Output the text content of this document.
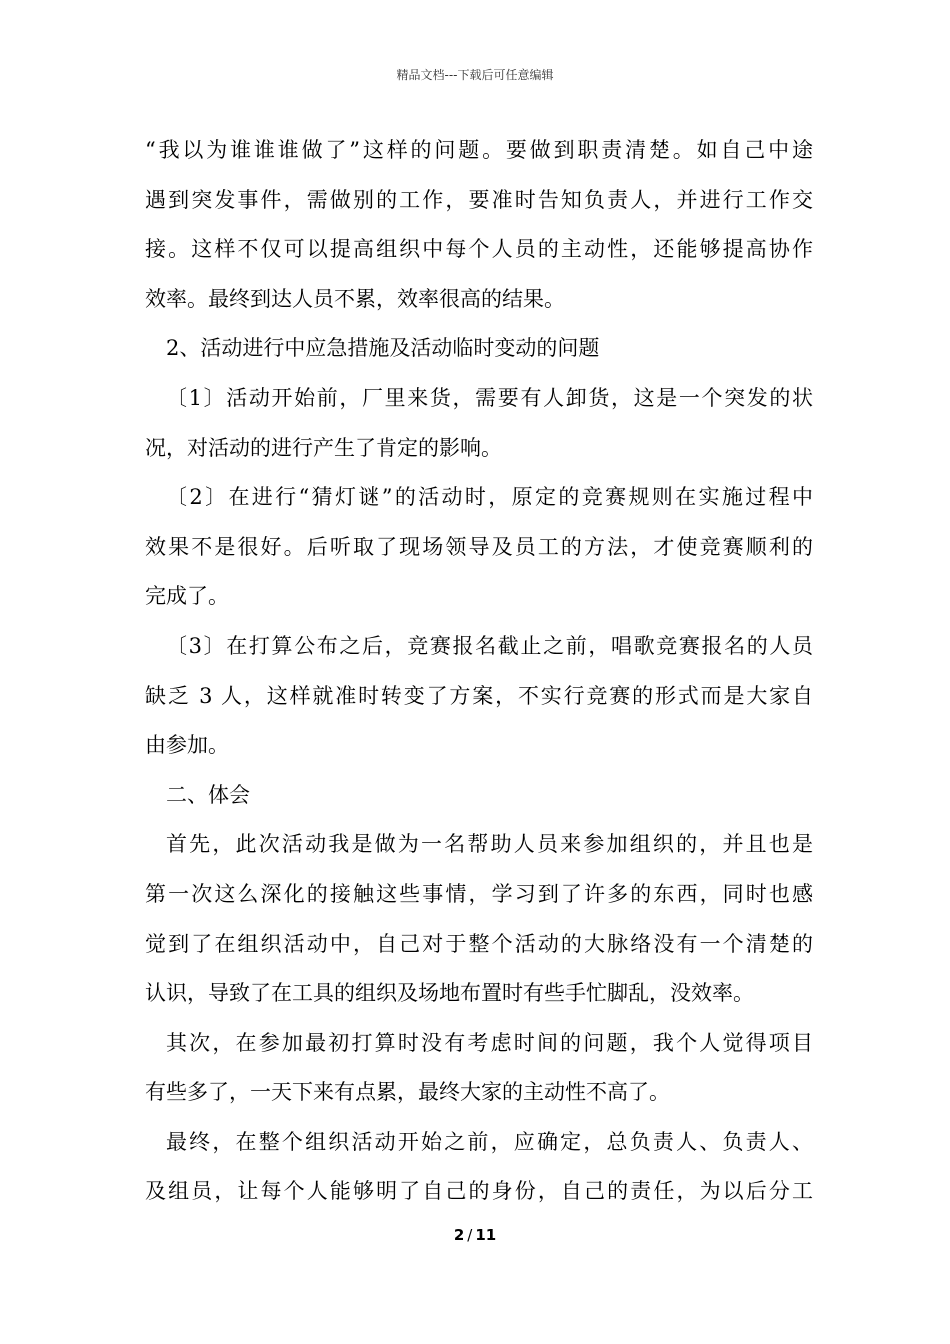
精品文档---下载后可任意编辑
“我以为谁谁谁做了”这样的问题。要做到职责清楚。如自己中途
遇到突发事件，需做别的工作，要准时告知负责人，并进行工作交
接。这样不仅可以提高组织中每个人员的主动性，还能够提高协作
效率。最终到达人员不累，效率很高的结果。
2、活动进行中应急措施及活动临时变动的问题
〔1〕活动开始前，厂里来货，需要有人卸货，这是一个突发的状
况，对活动的进行产生了肯定的影响。
〔2〕在进行“猜灯谜”的活动时，原定的竞赛规则在实施过程中
效果不是很好。后听取了现场领导及员工的方法，才使竞赛顺利的
完成了。
〔3〕在打算公布之后，竞赛报名截止之前，唱歌竞赛报名的人员
缺乏 3 人，这样就准时转变了方案，不实行竞赛的形式而是大家自
由参加。
二、体会
首先，此次活动我是做为一名帮助人员来参加组织的，并且也是
第一次这么深化的接触这些事情，学习到了许多的东西，同时也感
觉到了在组织活动中，自己对于整个活动的大脉络没有一个清楚的
认识，导致了在工具的组织及场地布置时有些手忙脚乱，没效率。
其次，在参加最初打算时没有考虑时间的问题，我个人觉得项目
有些多了，一天下来有点累，最终大家的主动性不高了。
最终，在整个组织活动开始之前，应确定，总负责人、负责人、
及组员，让每个人能够明了自己的身份，自己的责任，为以后分工
2 / 11
